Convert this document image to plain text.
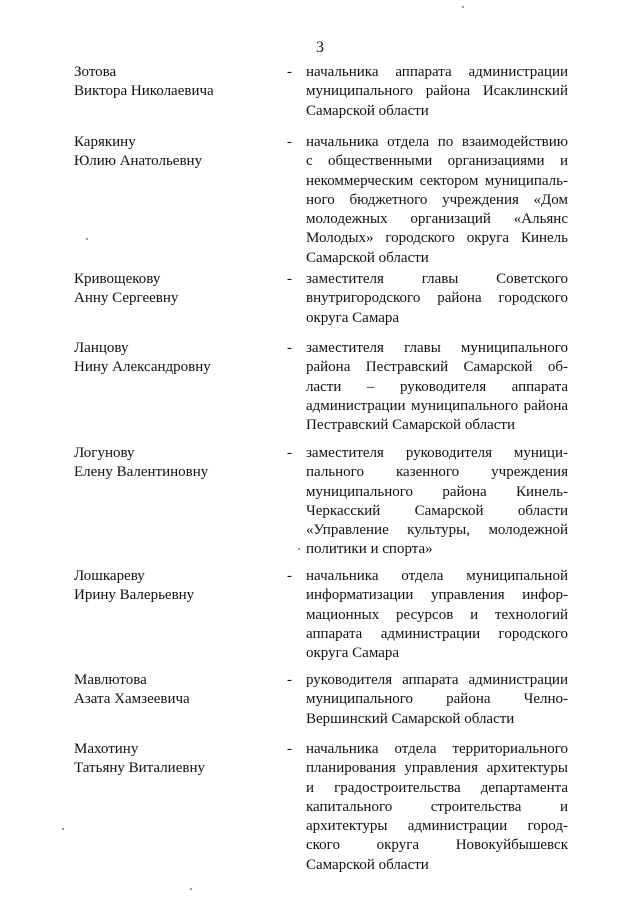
3
Зотова
Виктора Николаевича
- начальника аппарата администрации
муниципального района Исаклинский
Самарской области
Карякину
Юлию Анатольевну
- начальника отдела по взаимодействию
с общественными организациями и
некоммерческим сектором муниципаль-
ного бюджетного учреждения «Дом
молодежных организаций «Альянс
Молодых» городского округа Кинель
Самарской области
Кривощекову
Анну Сергеевну
- заместителя главы Советского
внутригородского района городского
округа Самара
Ланцову
Нину Александровну
- заместителя главы муниципального
района Пестравский Самарской об-
ласти – руководителя аппарата
администрации муниципального района
Пестравский Самарской области
Логунову
Елену Валентиновну
- заместителя руководителя муници-
пального казенного учреждения
муниципального района Кинель-
Черкасский Самарской области
«Управление культуры, молодежной
политики и спорта»
Лошкареву
Ирину Валерьевну
- начальника отдела муниципальной
информатизации управления инфор-
мационных ресурсов и технологий
аппарата администрации городского
округа Самара
Мавлютова
Азата Хамзеевича
- руководителя аппарата администрации
муниципального района Челно-
Вершинский Самарской области
Махотину
Татьяну Виталиевну
- начальника отдела территориального
планирования управления архитектуры
и градостроительства департамента
капитального строительства и
архитектуры администрации город-
ского округа Новокуйбышевск
Самарской области
